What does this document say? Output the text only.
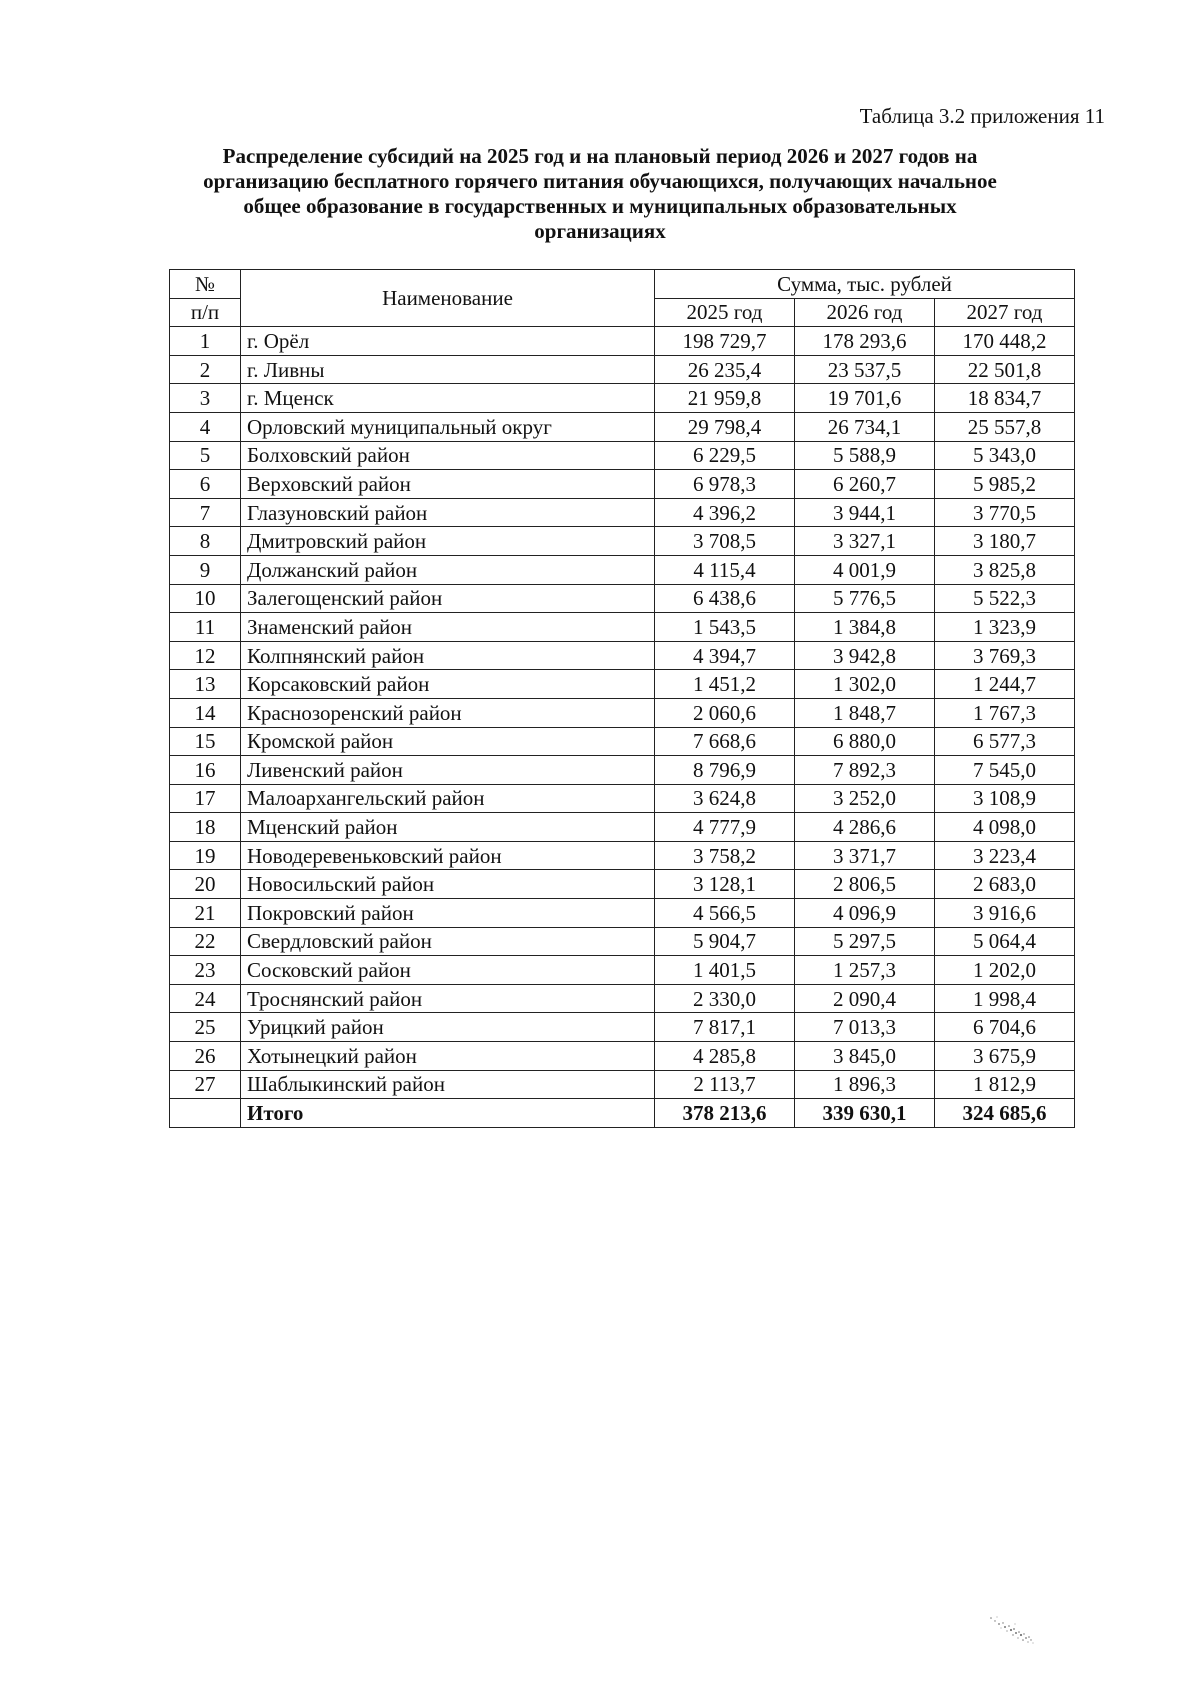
Таблица 3.2 приложения 11
Распределение субсидий на 2025 год и на плановый период 2026 и 2027 годов на
организацию бесплатного горячего питания обучающихся, получающих начальное
общее образование в государственных и муниципальных образовательных
организациях
№	Наименование	Сумма, тыс. рублей		
п/п		2025 год	2026 год	2027 год
1	г. Орёл	198 729,7	178 293,6	170 448,2
2	г. Ливны	26 235,4	23 537,5	22 501,8
3	г. Мценск	21 959,8	19 701,6	18 834,7
4	Орловский муниципальный округ	29 798,4	26 734,1	25 557,8
5	Болховский район	6 229,5	5 588,9	5 343,0
6	Верховский район	6 978,3	6 260,7	5 985,2
7	Глазуновский район	4 396,2	3 944,1	3 770,5
8	Дмитровский район	3 708,5	3 327,1	3 180,7
9	Должанский район	4 115,4	4 001,9	3 825,8
10	Залегощенский район	6 438,6	5 776,5	5 522,3
11	Знаменский район	1 543,5	1 384,8	1 323,9
12	Колпнянский район	4 394,7	3 942,8	3 769,3
13	Корсаковский район	1 451,2	1 302,0	1 244,7
14	Краснозоренский район	2 060,6	1 848,7	1 767,3
15	Кромской район	7 668,6	6 880,0	6 577,3
16	Ливенский район	8 796,9	7 892,3	7 545,0
17	Малоархангельский район	3 624,8	3 252,0	3 108,9
18	Мценский район	4 777,9	4 286,6	4 098,0
19	Новодеревеньковский район	3 758,2	3 371,7	3 223,4
20	Новосильский район	3 128,1	2 806,5	2 683,0
21	Покровский район	4 566,5	4 096,9	3 916,6
22	Свердловский район	5 904,7	5 297,5	5 064,4
23	Сосковский район	1 401,5	1 257,3	1 202,0
24	Троснянский район	2 330,0	2 090,4	1 998,4
25	Урицкий район	7 817,1	7 013,3	6 704,6
26	Хотынецкий район	4 285,8	3 845,0	3 675,9
27	Шаблыкинский район	2 113,7	1 896,3	1 812,9
	Итого	378 213,6	339 630,1	324 685,6
